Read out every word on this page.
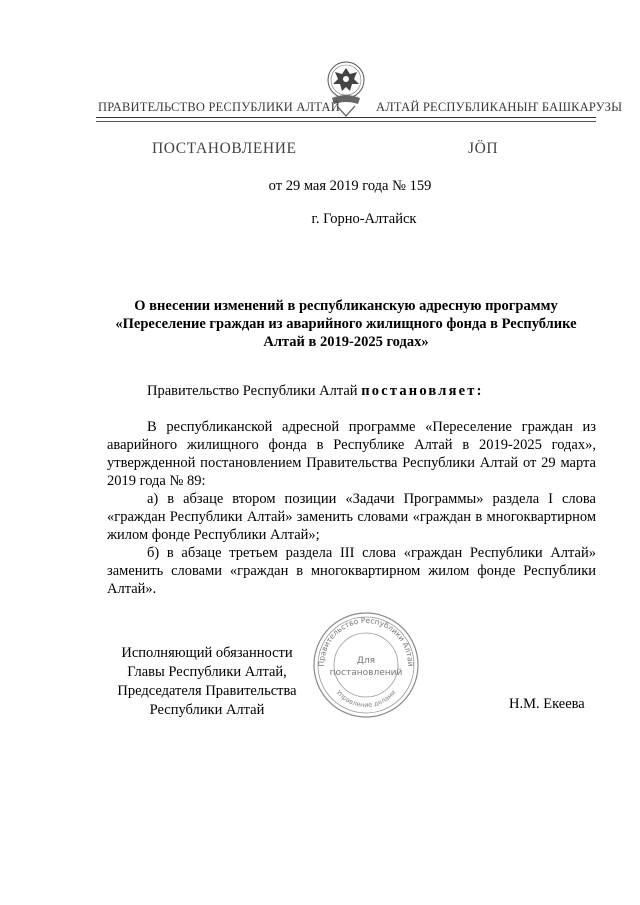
ПРАВИТЕЛЬСТВО РЕСПУБЛИКИ АЛТАЙ	АЛТАЙ РЕСПУБЛИКАНЫҤ БАШКАРУЗЫ
ПОСТАНОВЛЕНИЕ	ЈӦП
от 29 мая 2019 года № 159
г. Горно-Алтайск
О внесении изменений в республиканскую адресную программу «Переселение граждан из аварийного жилищного фонда в Республике Алтай в 2019-2025 годах»
Правительство Республики Алтай постановляет:

В республиканской адресной программе «Переселение граждан из аварийного жилищного фонда в Республике Алтай в 2019-2025 годах», утвержденной постановлением Правительства Республики Алтай от 29 марта 2019 года № 89:

а) в абзаце втором позиции «Задачи Программы» раздела I слова «граждан Республики Алтай» заменить словами «граждан в многоквартирном жилом фонде Республики Алтай»;

б) в абзаце третьем раздела III слова «граждан Республики Алтай» заменить словами «граждан в многоквартирном жилом фонде Республики Алтай».

Исполняющий обязанности
Главы Республики Алтай,
Председателя Правительства
Республики Алтай
Правительство Республики Алтай
Управление делами
Для
постановлений
Н.М. Екеева
